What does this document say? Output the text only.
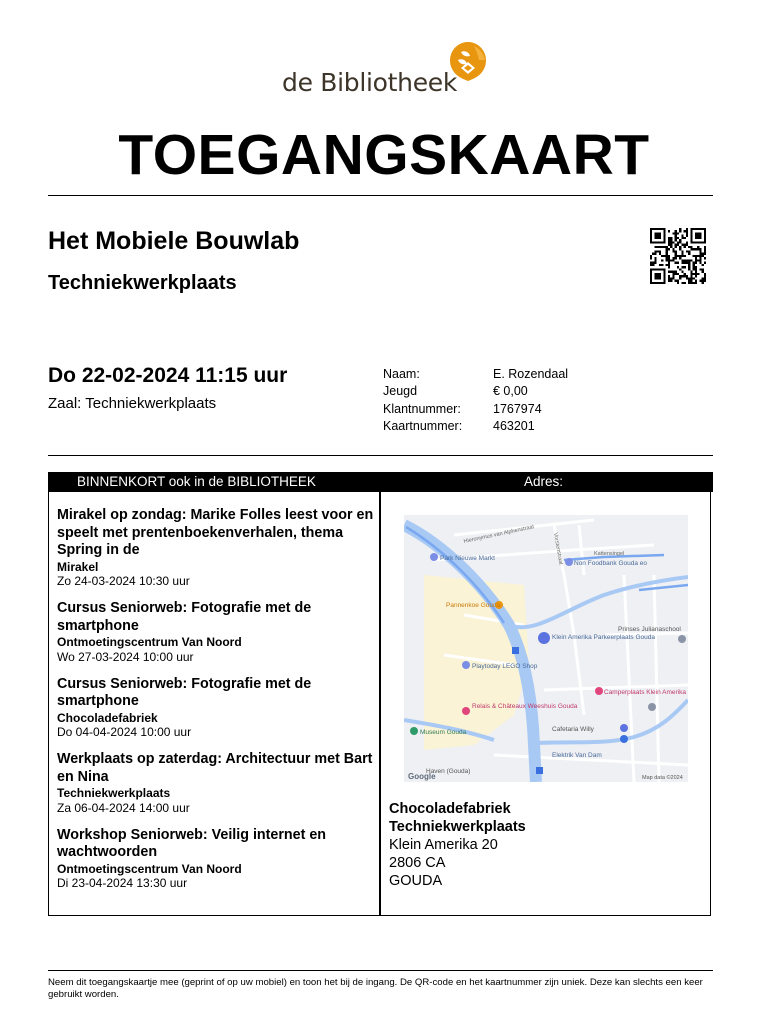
de Bibliotheek
TOEGANGSKAART
Het Mobiele Bouwlab
Techniekwerkplaats
Do 22-02-2024 11:15 uur
Zaal: Techniekwerkplaats
Naam:	E. Rozendaal
Jeugd	€ 0,00
Klantnummer:	1767974
Kaartnummer:	463201
BINNENKORT ook in de BIBLIOTHEEK	Adres:
Mirakel op zondag: Marike Folles leest voor en speelt met prentenboekenverhalen, thema Spring in de
Mirakel
Zo 24-03-2024 10:30 uur
Cursus Seniorweb: Fotografie met de smartphone
Ontmoetingscentrum Van Noord
Wo 27-03-2024 10:00 uur
Cursus Seniorweb: Fotografie met de smartphone
Chocoladefabriek
Do 04-04-2024 10:00 uur
Werkplaats op zaterdag: Architectuur met Bart en Nina
Techniekwerkplaats
Za 06-04-2024 14:00 uur
Workshop Seniorweb: Veilig internet en wachtwoorden
Ontmoetingscentrum Van Noord
Di 23-04-2024 13:30 uur
Park Nieuwe Markt
Non Foodbank Gouda eo
Pannenkoe Gouda
Klein Amerika Parkeerplaats Gouda
Prinses Julianaschool
Playtoday LEGO Shop
Camperplaats Klein Amerika
Relais & Châteaux Weeshuis Gouda
Museum Gouda	Cafetaria Willy
Elektrik Van Dam
Haven (Gouda)
Hieronymus van Alphenstraat
Kattensingel
Vorstenstraat
Google	Map data ©2024
Chocoladefabriek
Techniekwerkplaats
Klein Amerika 20
2806 CA
GOUDA
Neem dit toegangskaartje mee (geprint of op uw mobiel) en toon het bij de ingang. De QR-code en het kaartnummer zijn uniek. Deze kan slechts een keer gebruikt worden.
